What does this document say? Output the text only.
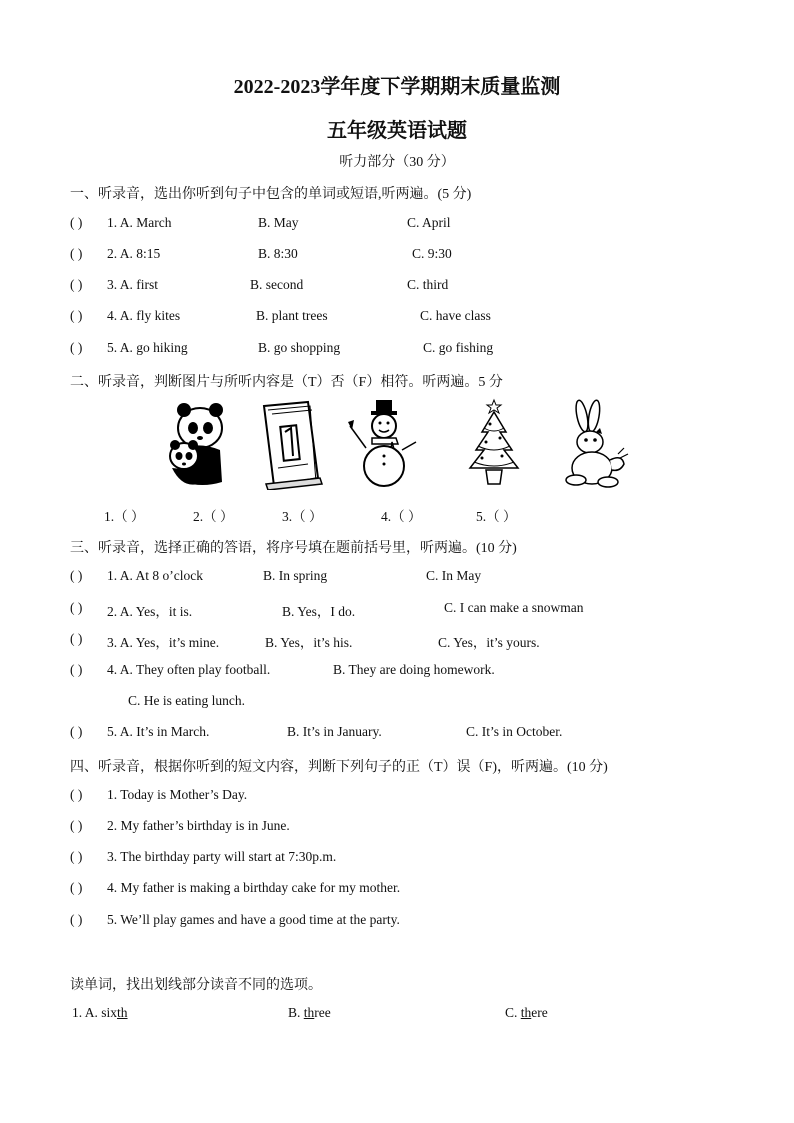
2022-2023学年度下学期期末质量监测
五年级英语试题
听力部分（30 分）
一、听录音，选出你听到句子中包含的单词或短语,听两遍。(5 分)
( ) 1. A. March	B. May	C. April
( ) 2. A. 8:15	B. 8:30	C. 9:30
( ) 3. A. first	B. second	C. third
( ) 4. A. fly kites	B. plant trees	C. have class
( ) 5. A. go hiking	B. go shopping	C. go fishing
二、听录音，判断图片与所听内容是（T）否（F）相符。听两遍。5 分
1.（ ）	2.（ ）	3.（ ）	4.（ ）	5.（ ）
三、听录音，选择正确的答语，将序号填在题前括号里，听两遍。(10 分)
( ) 1. A. At 8 o’clock	B. In spring	C. In May
( ) 2. A. Yes，it is.	B. Yes，I do.	C. I can make a snowman
( ) 3. A. Yes，it’s mine.	B. Yes，it’s his.	C. Yes，it’s yours.
( ) 4. A. They often play football.	B. They are doing homework.
C. He is eating lunch.
( ) 5. A. It’s in March.	B. It’s in January.	C. It’s in October.
四、听录音，根据你听到的短文内容，判断下列句子的正（T）误（F)，听两遍。(10 分)
( ) 1. Today is Mother’s Day.
( ) 2. My father’s birthday is in June.
( ) 3. The birthday party will start at 7:30p.m.
( ) 4. My father is making a birthday cake for my mother.
( ) 5. We’ll play games and have a good time at the party.
读单词，找出划线部分读音不同的选项。
1. A. sixth	B. three	C. there
